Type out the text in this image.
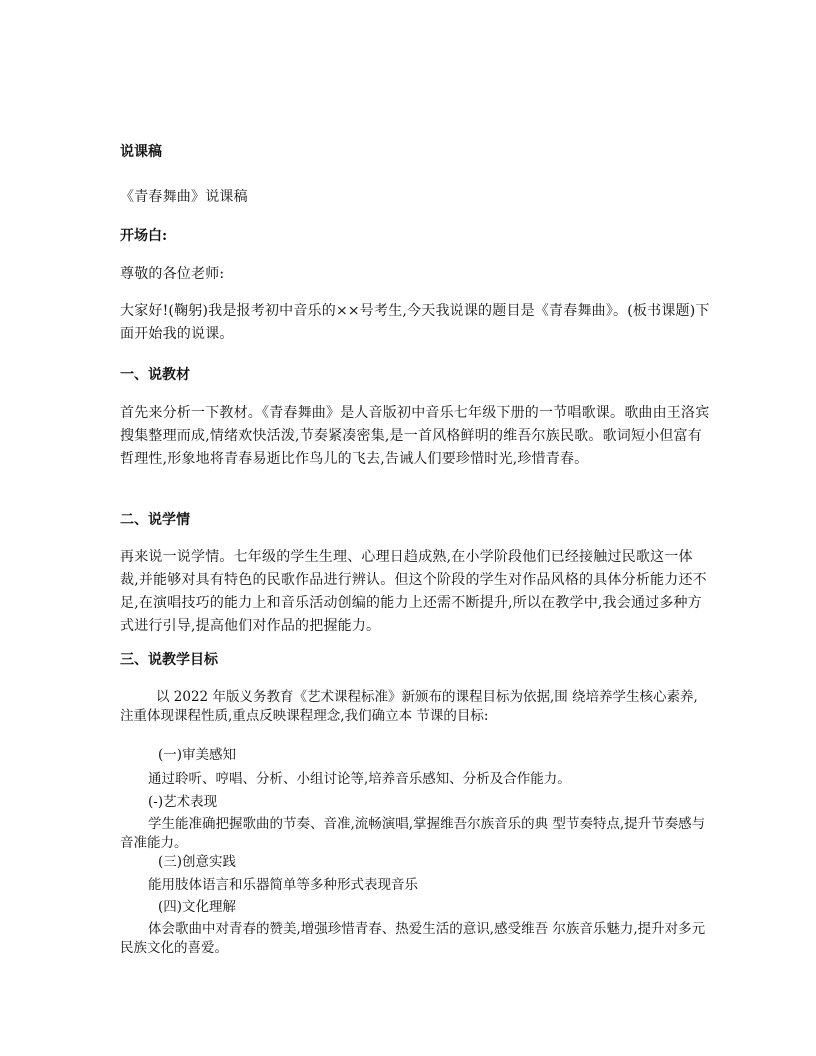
说课稿

《青春舞曲》说课稿

开场白:

尊敬的各位老师:

大家好!(鞠躬)我是报考初中音乐的××号考生,今天我说课的题目是《青春舞曲》。(板书课题)下面开始我的说课。

一、说教材

首先来分析一下教材。《青春舞曲》是人音版初中音乐七年级下册的一节唱歌课。歌曲由王洛宾搜集整理而成,情绪欢快活泼,节奏紧凑密集,是一首风格鲜明的维吾尔族民歌。歌词短小但富有哲理性,形象地将青春易逝比作鸟儿的飞去,告诫人们要珍惜时光,珍惜青春。

二、说学情

再来说一说学情。七年级的学生生理、心理日趋成熟,在小学阶段他们已经接触过民歌这一体裁,并能够对具有特色的民歌作品进行辨认。但这个阶段的学生对作品风格的具体分析能力还不足,在演唱技巧的能力上和音乐活动创编的能力上还需不断提升,所以在教学中,我会通过多种方式进行引导,提高他们对作品的把握能力。

三、说教学目标

以 2022 年版义务教育《艺术课程标准》新颁布的课程目标为依据,围 绕培养学生核心素养,注重体现课程性质,重点反映课程理念,我们确立本 节课的目标:

(一)审美感知

通过聆听、哼唱、分析、小组讨论等,培养音乐感知、分析及合作能力。

(-)艺术表现

学生能准确把握歌曲的节奏、音准,流畅演唱,掌握维吾尔族音乐的典 型节奏特点,提升节奏感与音准能力。

(三)创意实践

能用肢体语言和乐器简单等多种形式表现音乐

(四)文化理解

体会歌曲中对青春的赞美,增强珍惜青春、热爱生活的意识,感受维吾 尔族音乐魅力,提升对多元民族文化的喜爱。
